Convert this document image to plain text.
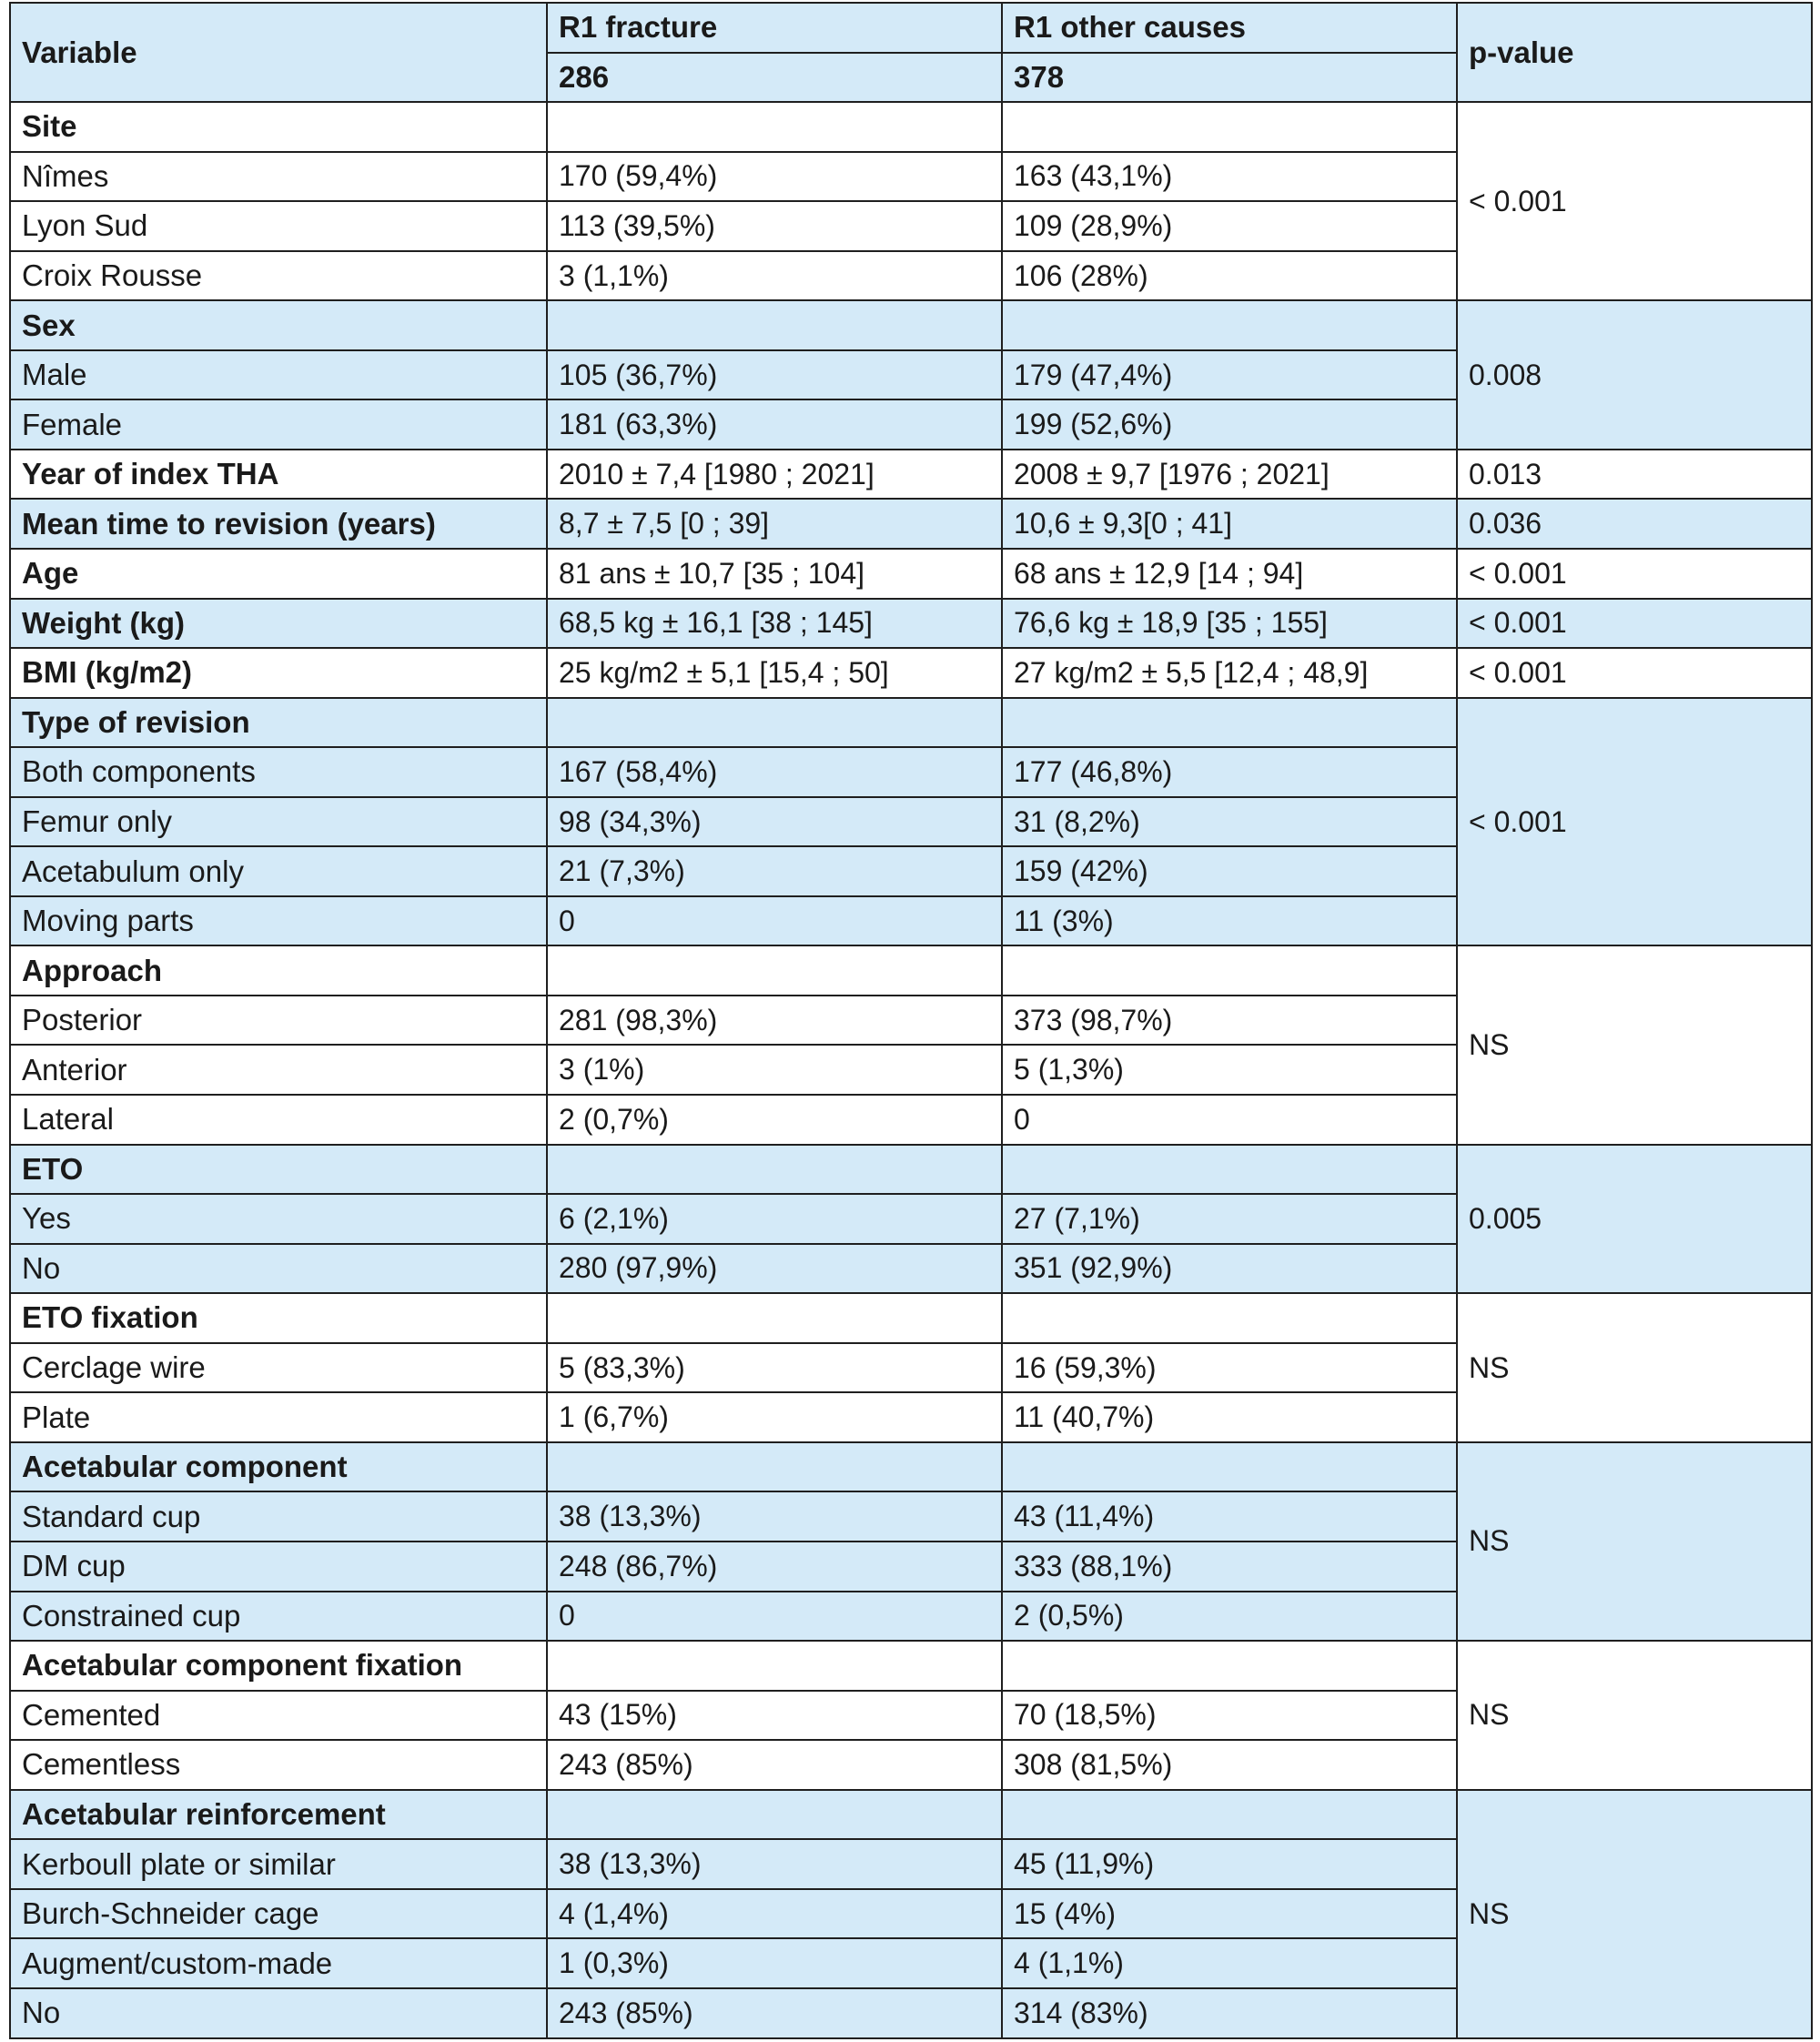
Variable	R1 fracture	R1 other causes	p-value
	286	378	
Site			< 0.001
Nîmes	170 (59,4%)	163 (43,1%)	
Lyon Sud	113 (39,5%)	109 (28,9%)	
Croix Rousse	3 (1,1%)	106 (28%)	
Sex			0.008
Male	105 (36,7%)	179 (47,4%)	
Female	181 (63,3%)	199 (52,6%)	
Year of index THA	2010 ± 7,4 [1980 ; 2021]	2008 ± 9,7 [1976 ; 2021]	0.013
Mean time to revision (years)	8,7 ± 7,5 [0 ; 39]	10,6 ± 9,3[0 ; 41]	0.036
Age	81 ans ± 10,7 [35 ; 104]	68 ans ± 12,9 [14 ; 94]	< 0.001
Weight (kg)	68,5 kg ± 16,1 [38 ; 145]	76,6 kg ± 18,9 [35 ; 155]	< 0.001
BMI (kg/m2)	25 kg/m2 ± 5,1 [15,4 ; 50]	27 kg/m2 ± 5,5 [12,4 ; 48,9]	< 0.001
Type of revision			< 0.001
Both components	167 (58,4%)	177 (46,8%)	
Femur only	98 (34,3%)	31 (8,2%)	
Acetabulum only	21 (7,3%)	159 (42%)	
Moving parts	0	11 (3%)	
Approach			NS
Posterior	281 (98,3%)	373 (98,7%)	
Anterior	3 (1%)	5 (1,3%)	
Lateral	2 (0,7%)	0	
ETO			0.005
Yes	6 (2,1%)	27 (7,1%)	
No	280 (97,9%)	351 (92,9%)	
ETO fixation			NS
Cerclage wire	5 (83,3%)	16 (59,3%)	
Plate	1 (6,7%)	11 (40,7%)	
Acetabular component			NS
Standard cup	38 (13,3%)	43 (11,4%)	
DM cup	248 (86,7%)	333 (88,1%)	
Constrained cup	0	2 (0,5%)	
Acetabular component fixation			NS
Cemented	43 (15%)	70 (18,5%)	
Cementless	243 (85%)	308 (81,5%)	
Acetabular reinforcement			NS
Kerboull plate or similar	38 (13,3%)	45 (11,9%)	
Burch-Schneider cage	4 (1,4%)	15 (4%)	
Augment/custom-made	1 (0,3%)	4 (1,1%)	
No	243 (85%)	314 (83%)	
